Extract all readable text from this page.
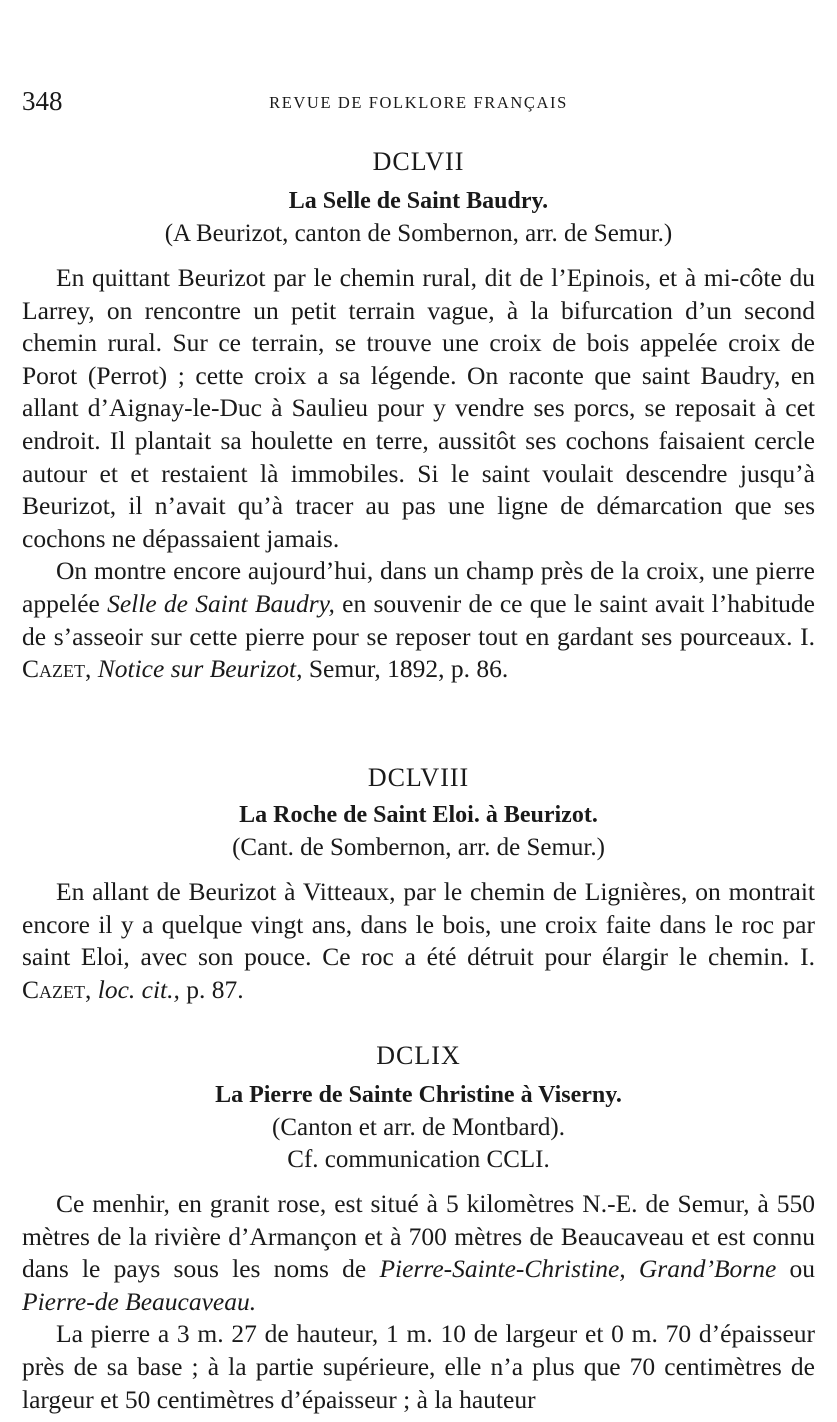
348	REVUE DE FOLKLORE FRANÇAIS
DCLVII
La Selle de Saint Baudry.
(A Beurizot, canton de Sombernon, arr. de Semur.)

En quittant Beurizot par le chemin rural, dit de l’Epinois, et à mi-côte du Larrey, on rencontre un petit terrain vague, à la bifurcation d’un second chemin rural. Sur ce terrain, se trouve une croix de bois appelée croix de Porot (Perrot) ; cette croix a sa légende. On raconte que saint Baudry, en allant d’Aignay-le-Duc à Saulieu pour y vendre ses porcs, se reposait à cet endroit. Il plantait sa houlette en terre, aussitôt ses cochons faisaient cercle autour et et restaient là immobiles. Si le saint voulait descendre jusqu’à Beurizot, il n’avait qu’à tracer au pas une ligne de démarcation que ses cochons ne dépassaient jamais.

On montre encore aujourd’hui, dans un champ près de la croix, une pierre appelée Selle de Saint Baudry, en souvenir de ce que le saint avait l’habitude de s’asseoir sur cette pierre pour se reposer tout en gardant ses pourceaux. I. Cazet, Notice sur Beurizot, Semur, 1892, p. 86.

DCLVIII
La Roche de Saint Eloi. à Beurizot.
(Cant. de Sombernon, arr. de Semur.)

En allant de Beurizot à Vitteaux, par le chemin de Lignières, on montrait encore il y a quelque vingt ans, dans le bois, une croix faite dans le roc par saint Eloi, avec son pouce. Ce roc a été détruit pour élargir le chemin. I. Cazet, loc. cit., p. 87.

DCLIX
La Pierre de Sainte Christine à Viserny.
(Canton et arr. de Montbard).
Cf. communication CCLI.

Ce menhir, en granit rose, est situé à 5 kilomètres N.-E. de Semur, à 550 mètres de la rivière d’Armançon et à 700 mètres de Beaucaveau et est connu dans le pays sous les noms de Pierre-Sainte-Christine, Grand’Borne ou Pierre-de Beaucaveau.

La pierre a 3 m. 27 de hauteur, 1 m. 10 de largeur et 0 m. 70 d’épaisseur près de sa base ; à la partie supérieure, elle n’a plus que 70 centimètres de largeur et 50 centimètres d’épaisseur ; à la hauteur
